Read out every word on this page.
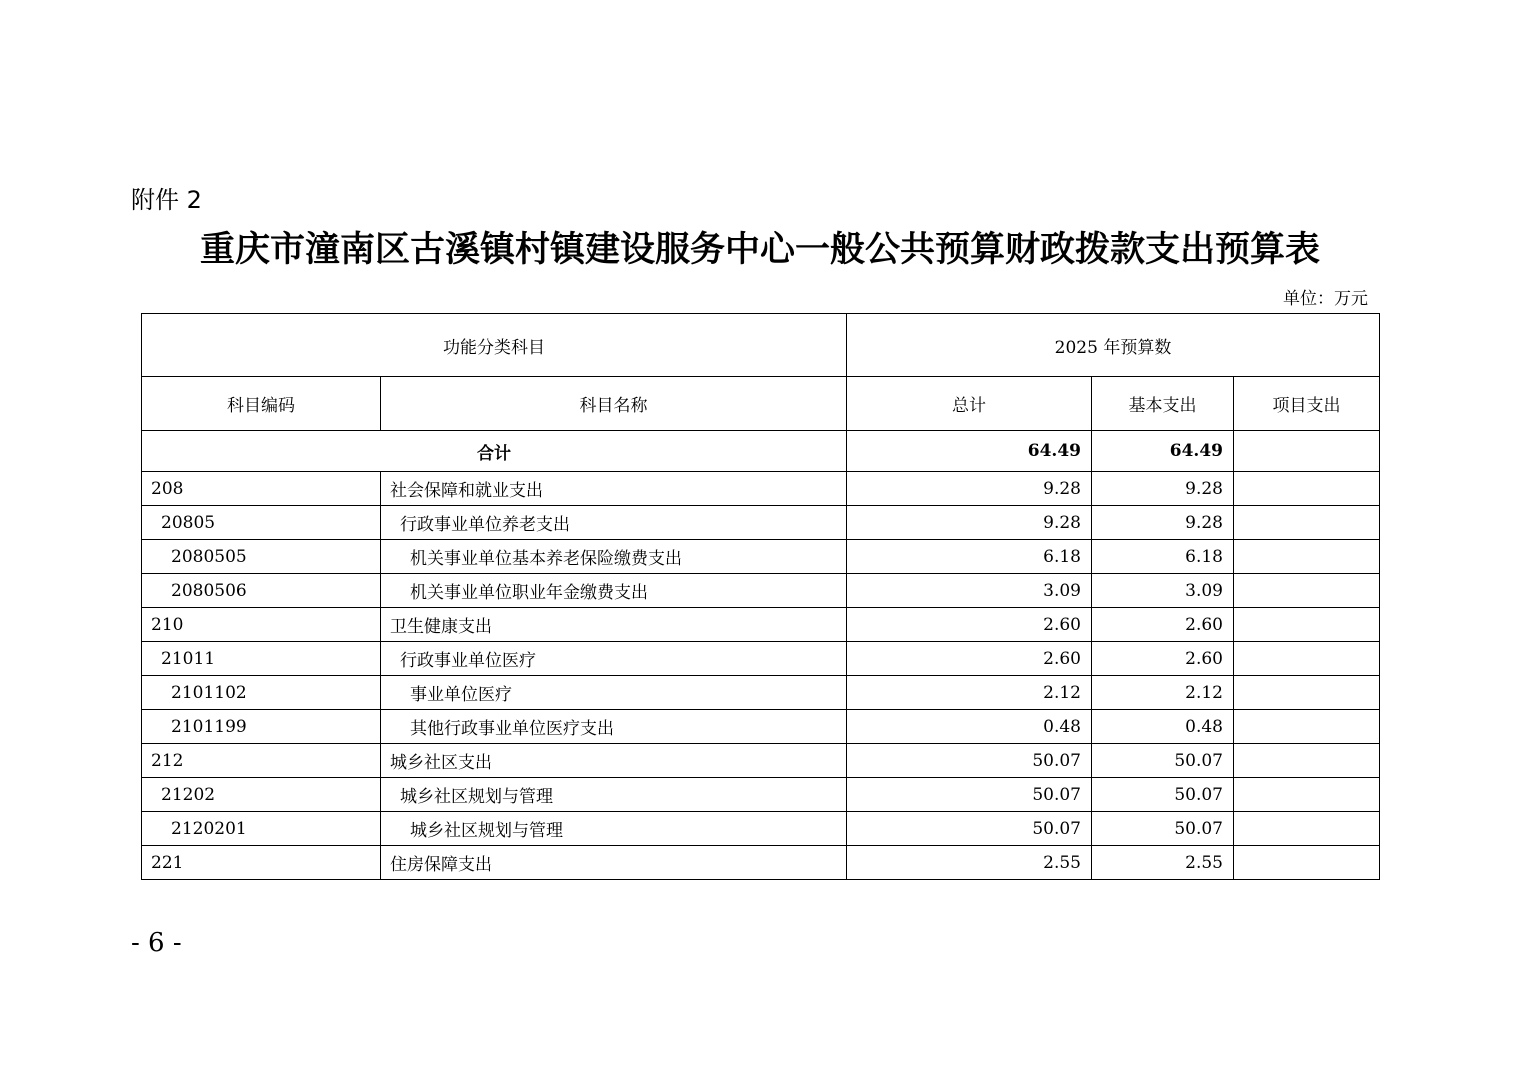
附件 2
重庆市潼南区古溪镇村镇建设服务中心一般公共预算财政拨款支出预算表
单位：万元
功能分类科目		2025 年预算数		
科目编码	科目名称	总计	基本支出	项目支出
合计		64.49	64.49	
208	社会保障和就业支出	9.28	9.28	
20805	行政事业单位养老支出	9.28	9.28	
2080505	机关事业单位基本养老保险缴费支出	6.18	6.18	
2080506	机关事业单位职业年金缴费支出	3.09	3.09	
210	卫生健康支出	2.60	2.60	
21011	行政事业单位医疗	2.60	2.60	
2101102	事业单位医疗	2.12	2.12	
2101199	其他行政事业单位医疗支出	0.48	0.48	
212	城乡社区支出	50.07	50.07	
21202	城乡社区规划与管理	50.07	50.07	
2120201	城乡社区规划与管理	50.07	50.07	
221	住房保障支出	2.55	2.55	
- 6 -
